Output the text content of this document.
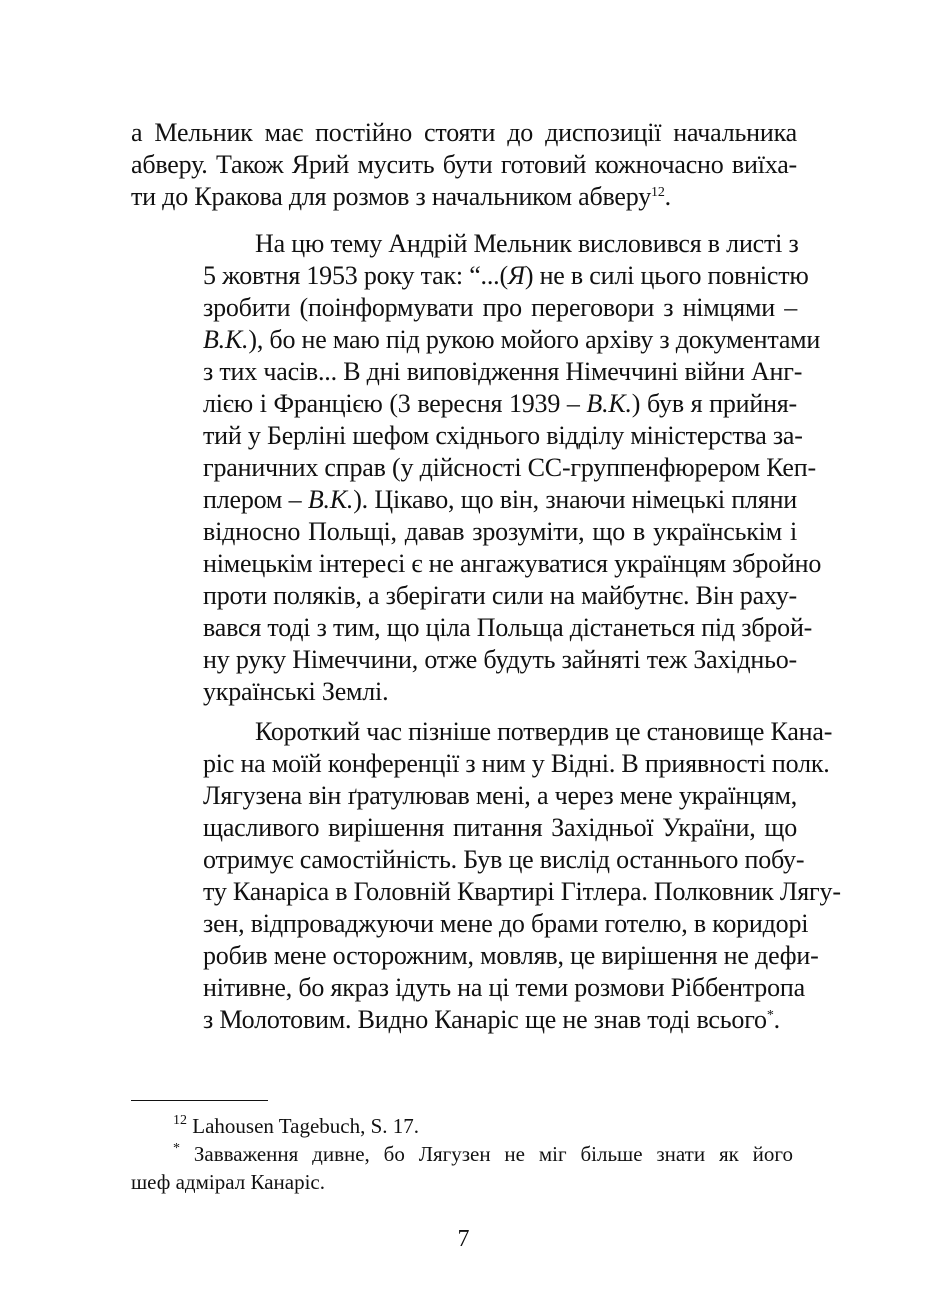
а Мельник має постійно стояти до диспозиції начальника
абверу. Також Ярий мусить бути готовий кожночасно виїха-
ти до Кракова для розмов з начальником абверу$^{12}$.
На цю тему Андрій Мельник висловився в листі з
5 жовтня 1953 року так: “...(Я) не в силі цього повністю
зробити (поінформувати про переговори з німцями –
В.К.), бо не маю під рукою мойого архіву з документами
з тих часів... В дні виповідження Німеччині війни Анг-
лією і Францією (3 вересня 1939 – В.К.) був я прийня-
тий у Берліні шефом східнього відділу міністерства за-
граничних справ (у дійсності СС-группенфюрером Кеп-
плером – В.К.). Цікаво, що він, знаючи німецькі пляни
відносно Польщі, давав зрозуміти, що в українськім і
німецькім інтересі є не ангажуватися українцям збройно
проти поляків, а зберігати сили на майбутнє. Він раху-
вався тоді з тим, що ціла Польща дістанеться під збрoй-
ну руку Німеччини, отже будуть зайняті теж Західньо-
українські Землі.
Короткий час пізніше потвердив це становище Кана-
ріс на моїй конференції з ним у Відні. В приявності полк.
Лягузена він ґратулював мені, а через мене українцям,
щасливого вирішення питання Західньої України, що
отримує самостійність. Був це вислід останнього побу-
ту Канаріса в Головній Квартирі Гітлера. Полковник Лягу-
зен, відпроваджуючи мене до брами готелю, в коридорі
робив мене осторожним, мовляв, це вирішення не дефи-
нітивне, бо якраз ідуть на ці теми розмови Ріббентропа
з Молотовим. Видно Канаріс ще не знав тоді всього*.
$^{12}$ Lahousen Tagebuch, S. 17.
* Завваження дивне, бо Лягузен не міг більше знати як його
шеф адмірал Канаріс.
7
